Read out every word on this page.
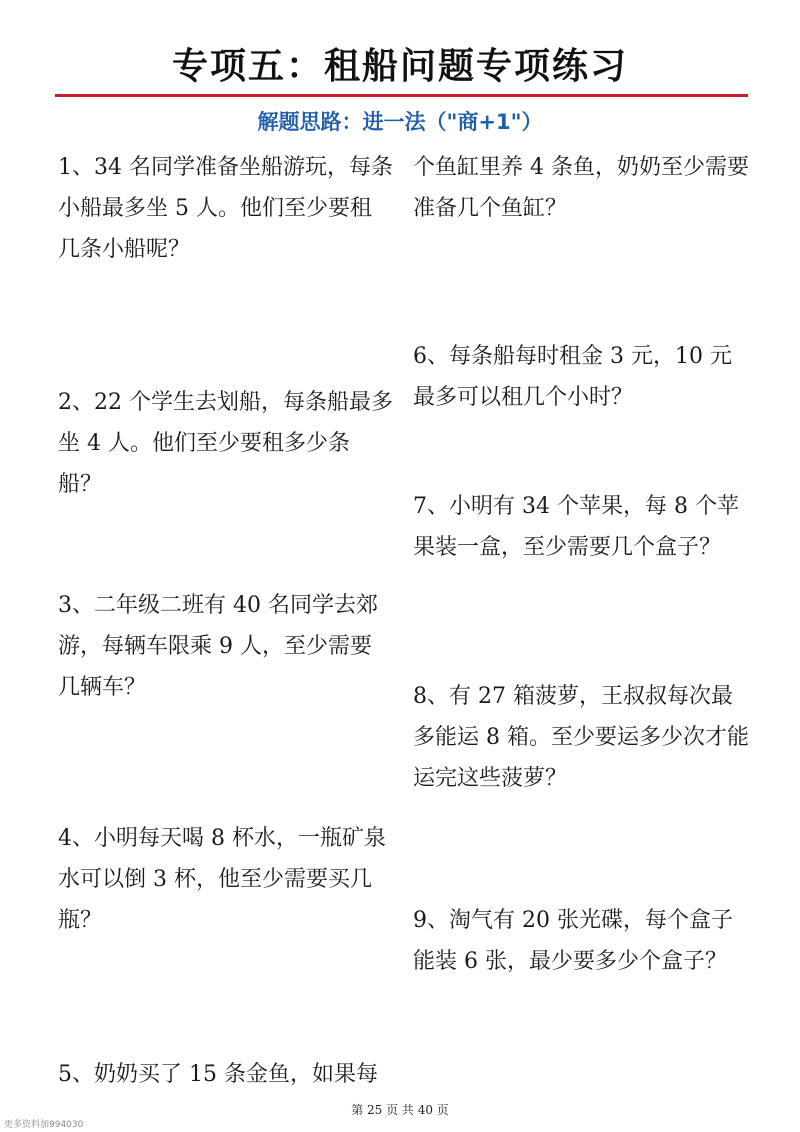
专项五：租船问题专项练习
解题思路：进一法（"商+1"）
1、34 名同学准备坐船游玩，每条小船最多坐 5 人。他们至少要租几条小船呢？
2、22 个学生去划船，每条船最多坐 4 人。他们至少要租多少条船？
3、二年级二班有 40 名同学去郊游，每辆车限乘 9 人，至少需要几辆车？
4、小明每天喝 8 杯水，一瓶矿泉水可以倒 3 杯，他至少需要买几瓶？
5、奶奶买了 15 条金鱼，如果每
个鱼缸里养 4 条鱼，奶奶至少需要准备几个鱼缸？
6、每条船每时租金 3 元，10 元最多可以租几个小时？
7、小明有 34 个苹果，每 8 个苹果装一盒，至少需要几个盒子？
8、有 27 箱菠萝，王叔叔每次最多能运 8 箱。至少要运多少次才能运完这些菠萝？
9、淘气有 20 张光碟，每个盒子能装 6 张，最少要多少个盒子？
第 25 页 共 40 页
更多资料加994030
